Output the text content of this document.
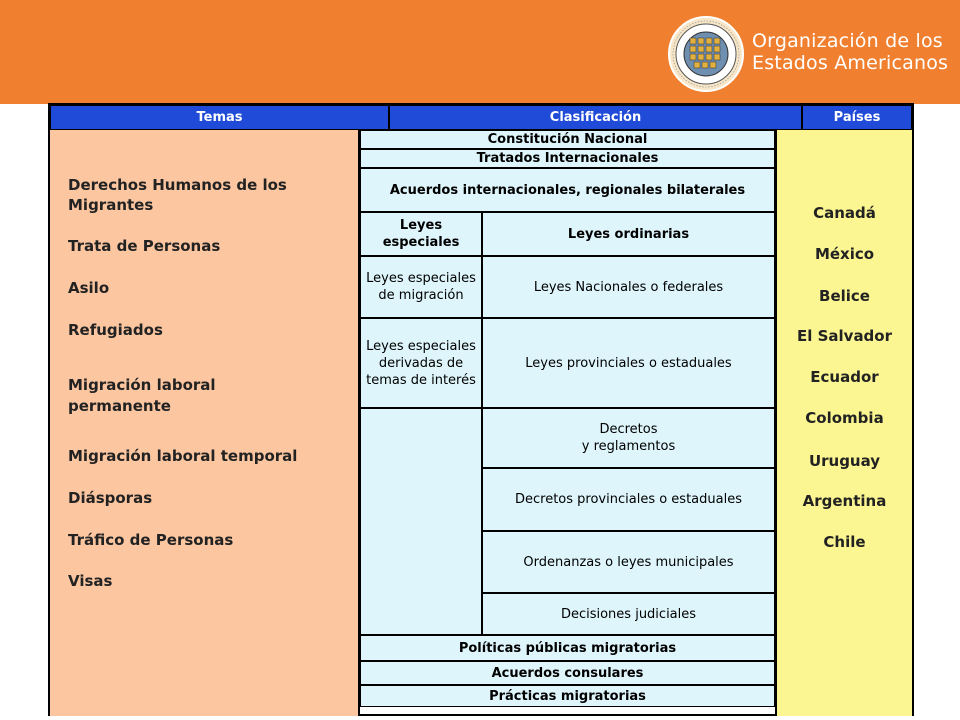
Organización de los
Estados Americanos
Temas	Clasificación	Países
Derechos Humanos de los
Migrantes
Trata de Personas
Asilo
Refugiados
Migración laboral
permanente
Migración laboral temporal
Diásporas
Tráfico de Personas
Visas
Constitución Nacional
Tratados Internacionales
Acuerdos internacionales, regionales bilaterales
Leyes especiales
Leyes ordinarias
Leyes especiales de migración
Leyes Nacionales o federales
Leyes especiales derivadas de temas de interés
Leyes provinciales o estaduales
Decretos
y reglamentos
Decretos provinciales o estaduales
Ordenanzas o leyes municipales
Decisiones judiciales
Políticas públicas migratorias
Acuerdos consulares
Prácticas migratorias
Canadá
México
Belice
El Salvador
Ecuador
Colombia
Uruguay
Argentina
Chile
